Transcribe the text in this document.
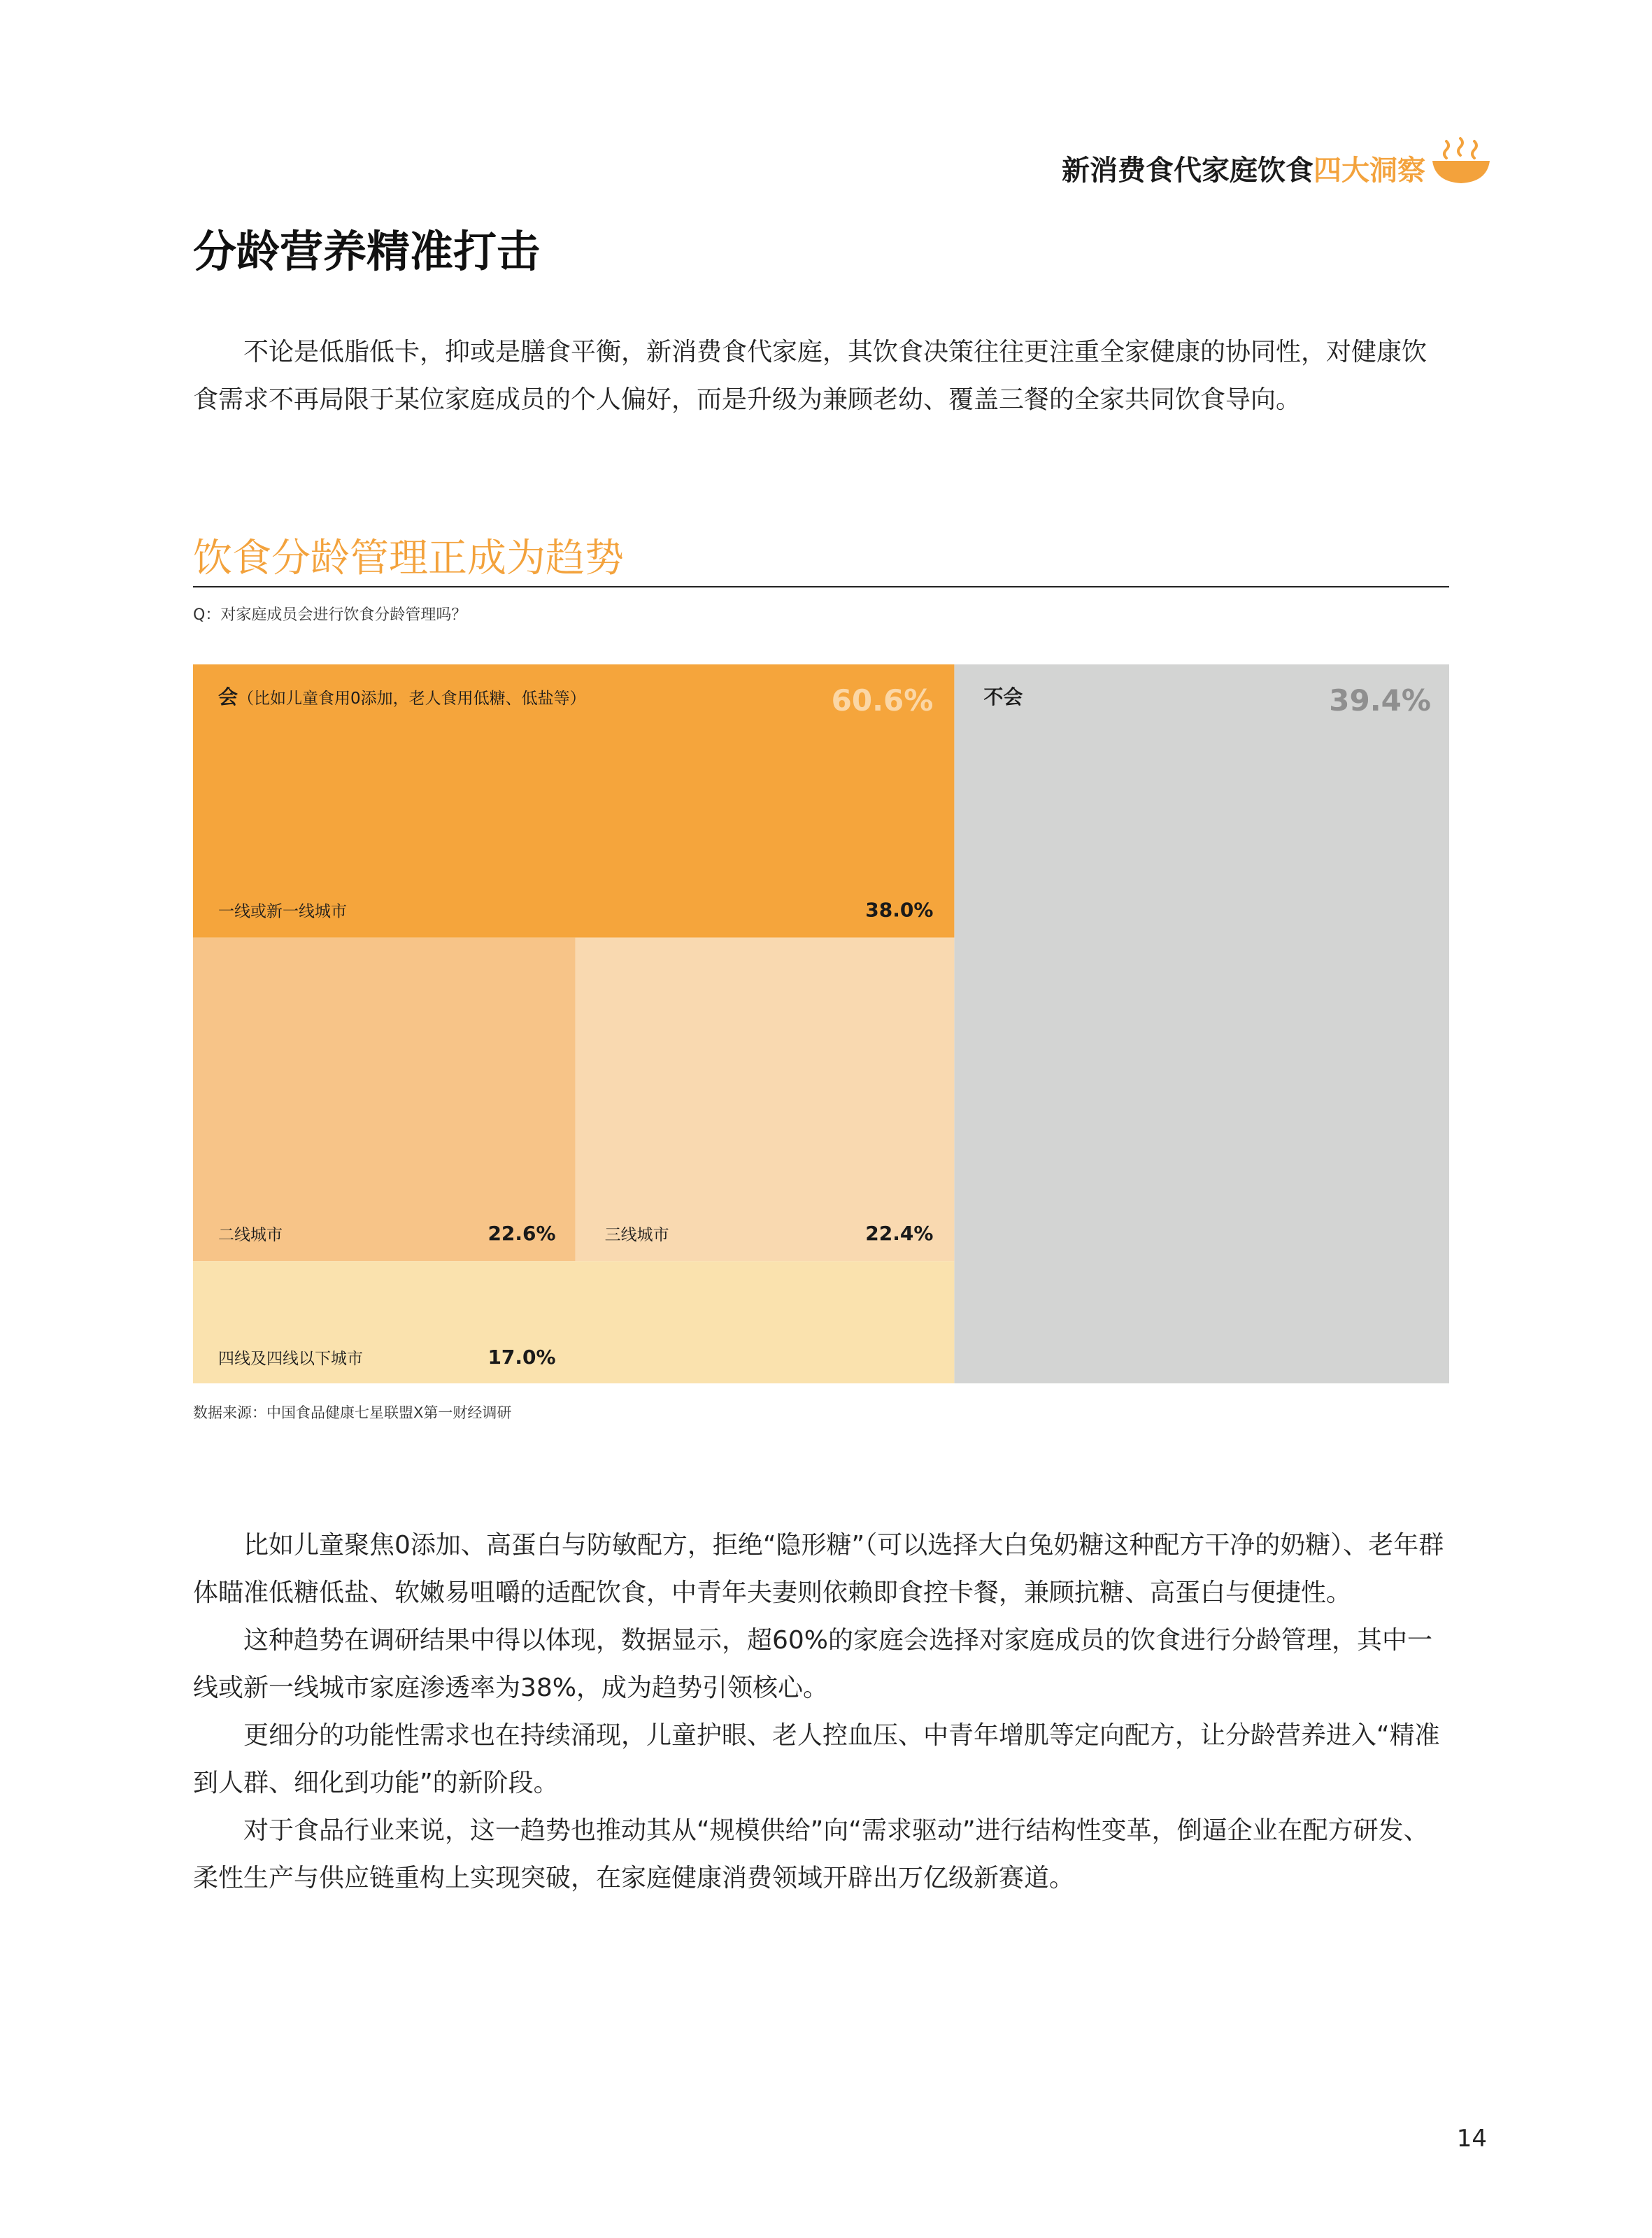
新消费食代家庭饮食四大洞察
分龄营养精准打击

不论是低脂低卡，抑或是膳食平衡，新消费食代家庭，其饮食决策往往更注重全家健康的协同性，对健康饮食需求不再局限于某位家庭成员的个人偏好，而是升级为兼顾老幼、覆盖三餐的全家共同饮食导向。

饮食分龄管理正成为趋势
Q：对家庭成员会进行饮食分龄管理吗？
不会	39.4%
会（比如儿童食用0添加，老人食用低糖、低盐等）	60.6%
一线或新一线城市	38.0%
二线城市	22.6%	三线城市	22.4%
四线及四线以下城市	17.0%
数据来源：中国食品健康七星联盟X第一财经调研

比如儿童聚焦0添加、高蛋白与防敏配方，拒绝“隐形糖”（可以选择大白兔奶糖这种配方干净的奶糖）、老年群体瞄准低糖低盐、软嫩易咀嚼的适配饮食，中青年夫妻则依赖即食控卡餐，兼顾抗糖、高蛋白与便捷性。

这种趋势在调研结果中得以体现，数据显示，超60%的家庭会选择对家庭成员的饮食进行分龄管理，其中一线或新一线城市家庭渗透率为38%，成为趋势引领核心。

更细分的功能性需求也在持续涌现，儿童护眼、老人控血压、中青年增肌等定向配方，让分龄营养进入“精准到人群、细化到功能”的新阶段。

对于食品行业来说，这一趋势也推动其从“规模供给”向“需求驱动”进行结构性变革，倒逼企业在配方研发、柔性生产与供应链重构上实现突破，在家庭健康消费领域开辟出万亿级新赛道。

14
